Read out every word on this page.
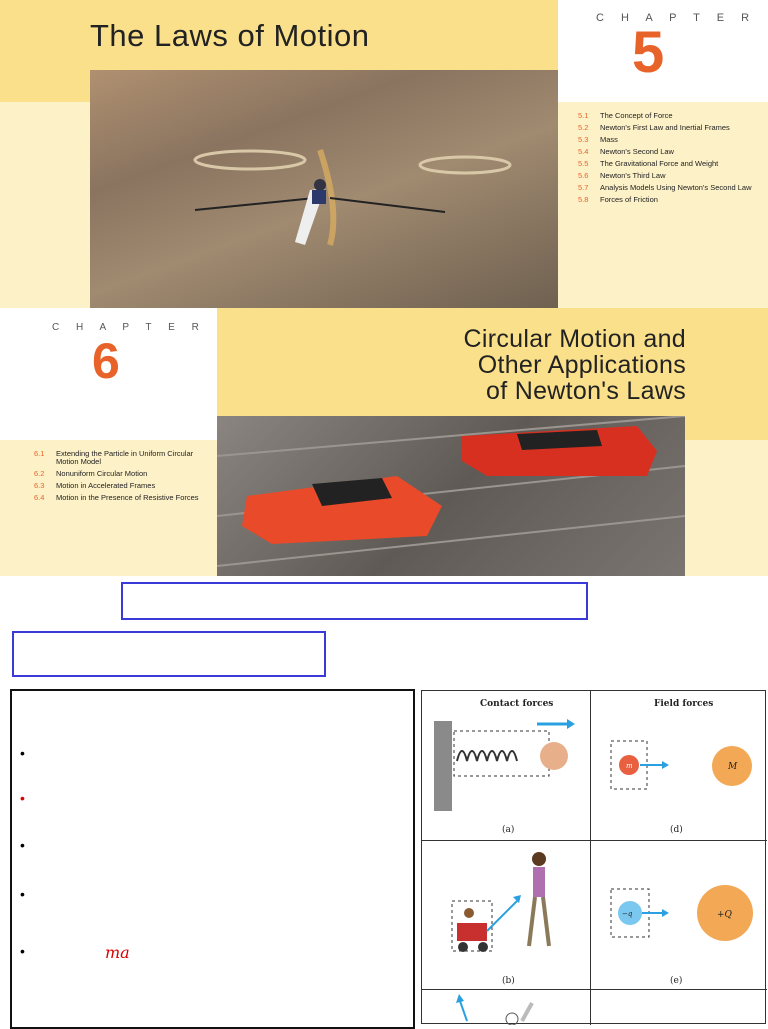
The Laws of Motion	C H A P T E R
5
5.1	The Concept of Force
5.2	Newton's First Law and Inertial Frames
5.3	Mass
5.4	Newton's Second Law
5.5	The Gravitational Force and Weight
5.6	Newton's Third Law
5.7	Analysis Models Using Newton's Second Law
5.8	Forces of Friction
C H A P T E R
6	Circular Motion and
Other Applications
of Newton's Laws
6.1	Extending the Particle in Uniform Circular Motion Model
6.2	Nonuniform Circular Motion
6.3	Motion in Accelerated Frames
6.4	Motion in the Presence of Resistive Forces
•
•
•
•
•	ma
Contact forces	Field forces
(a)
m	M
(d)
(b)
−q	+Q
(e)
